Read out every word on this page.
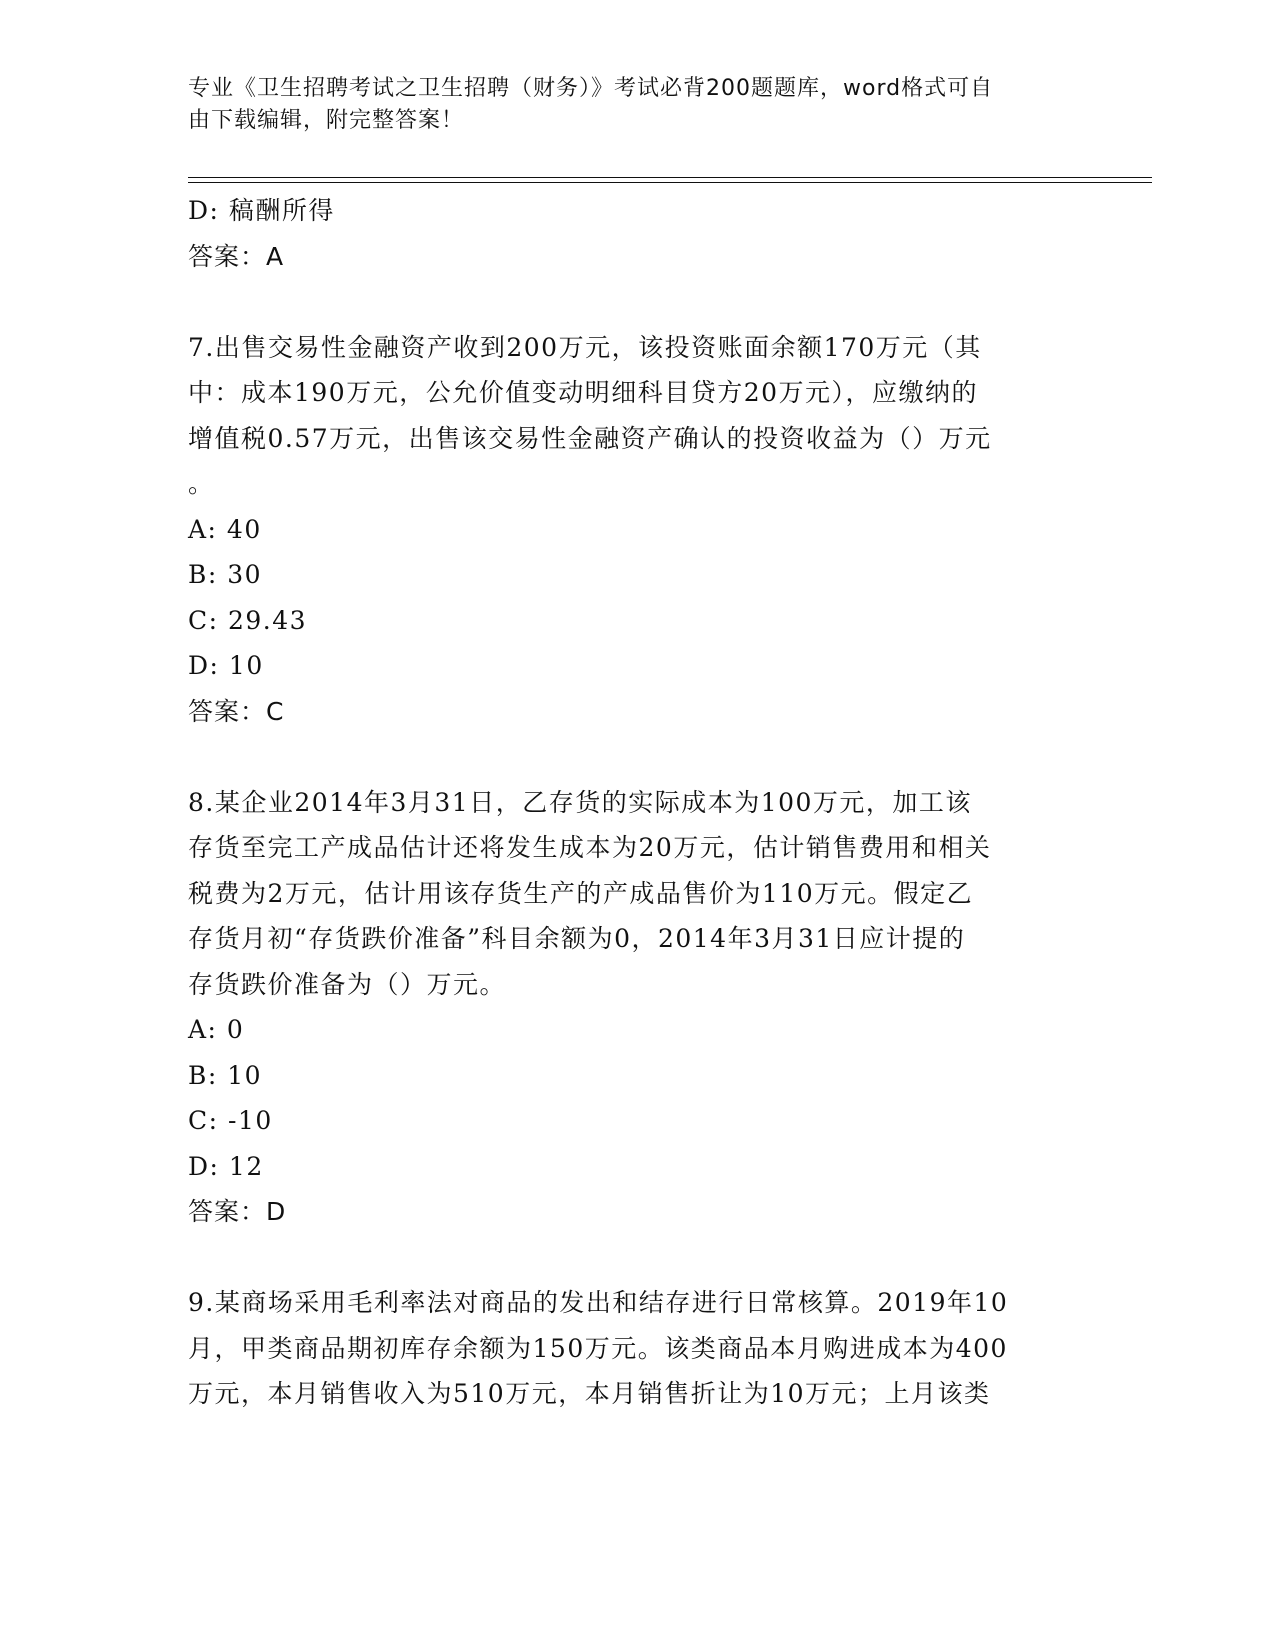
专业《卫生招聘考试之卫生招聘（财务）》考试必背200题题库，word格式可自
由下载编辑，附完整答案！
D: 稿酬所得
答案：A
7.出售交易性金融资产收到200万元，该投资账面余额170万元（其
中：成本190万元，公允价值变动明细科目贷方20万元），应缴纳的
增值税0.57万元，出售该交易性金融资产确认的投资收益为（）万元
。
A: 40
B: 30
C: 29.43
D: 10
答案：C
8.某企业2014年3月31日，乙存货的实际成本为100万元，加工该
存货至完工产成品估计还将发生成本为20万元，估计销售费用和相关
税费为2万元，估计用该存货生产的产成品售价为110万元。假定乙
存货月初“存货跌价准备”科目余额为0，2014年3月31日应计提的
存货跌价准备为（）万元。
A: 0
B: 10
C: -10
D: 12
答案：D
9.某商场采用毛利率法对商品的发出和结存进行日常核算。2019年10
月，甲类商品期初库存余额为150万元。该类商品本月购进成本为400
万元，本月销售收入为510万元，本月销售折让为10万元；上月该类
